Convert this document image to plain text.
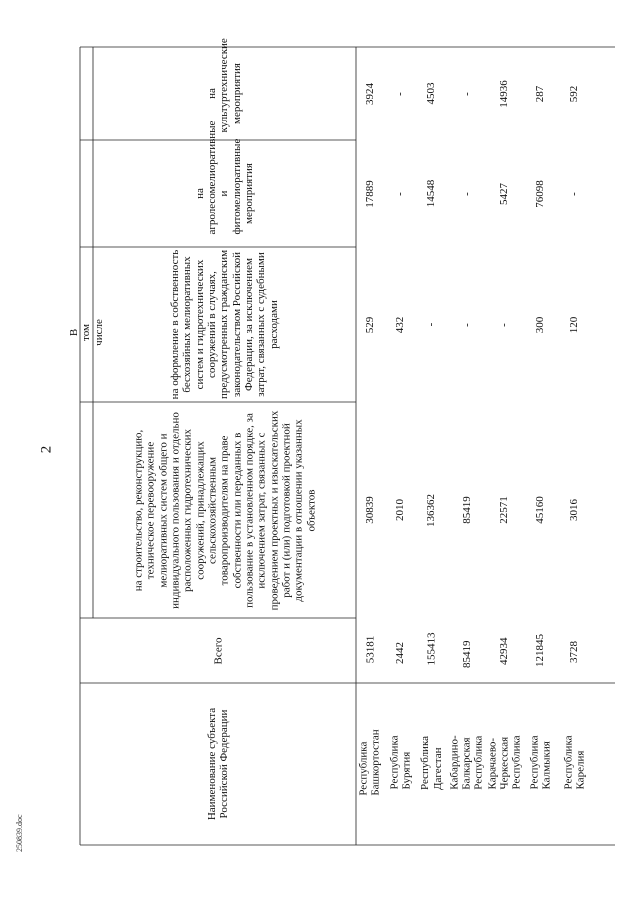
2
250839.doc
Наименование субъекта Российской Федерации
Всего
В том числе
на строительство, реконструкцию, техническое перевооружение мелиоративных систем общего и индивидуального пользования и отдельно расположенных гидротехнических сооружений, принадлежащих сельскохозяйственным товаропроизводителям на праве собственности или переданных в пользование в установленном порядке, за исключением затрат, связанных с проведением проектных и изыскательских работ и (или) подготовкой проектной документации в отношении указанных объектов
на оформление в собственность бесхозяйных мелиоративных систем и гидротехнических сооружений в случаях, предусмотренных гражданским законодательством Российской Федерации, за исключением затрат, связанных с судебными расходами
на агролесомелиоративные и фитомелиоративные мероприятия
на культуртехнические мероприятия
Республика Башкортостан
53181
30839
529
17889
3924
Республика Бурятия
2442
2010
432
-
-
Республика Дагестан
155413
136362
-
14548
4503
Кабардино-Балкарская Республика
85419
85419
-
-
-
Карачаево-Черкесская Республика
42934
22571
-
5427
14936
Республика Калмыкия
121845
45160
300
76098
287
Республика Карелия
3728
3016
120
-
592
